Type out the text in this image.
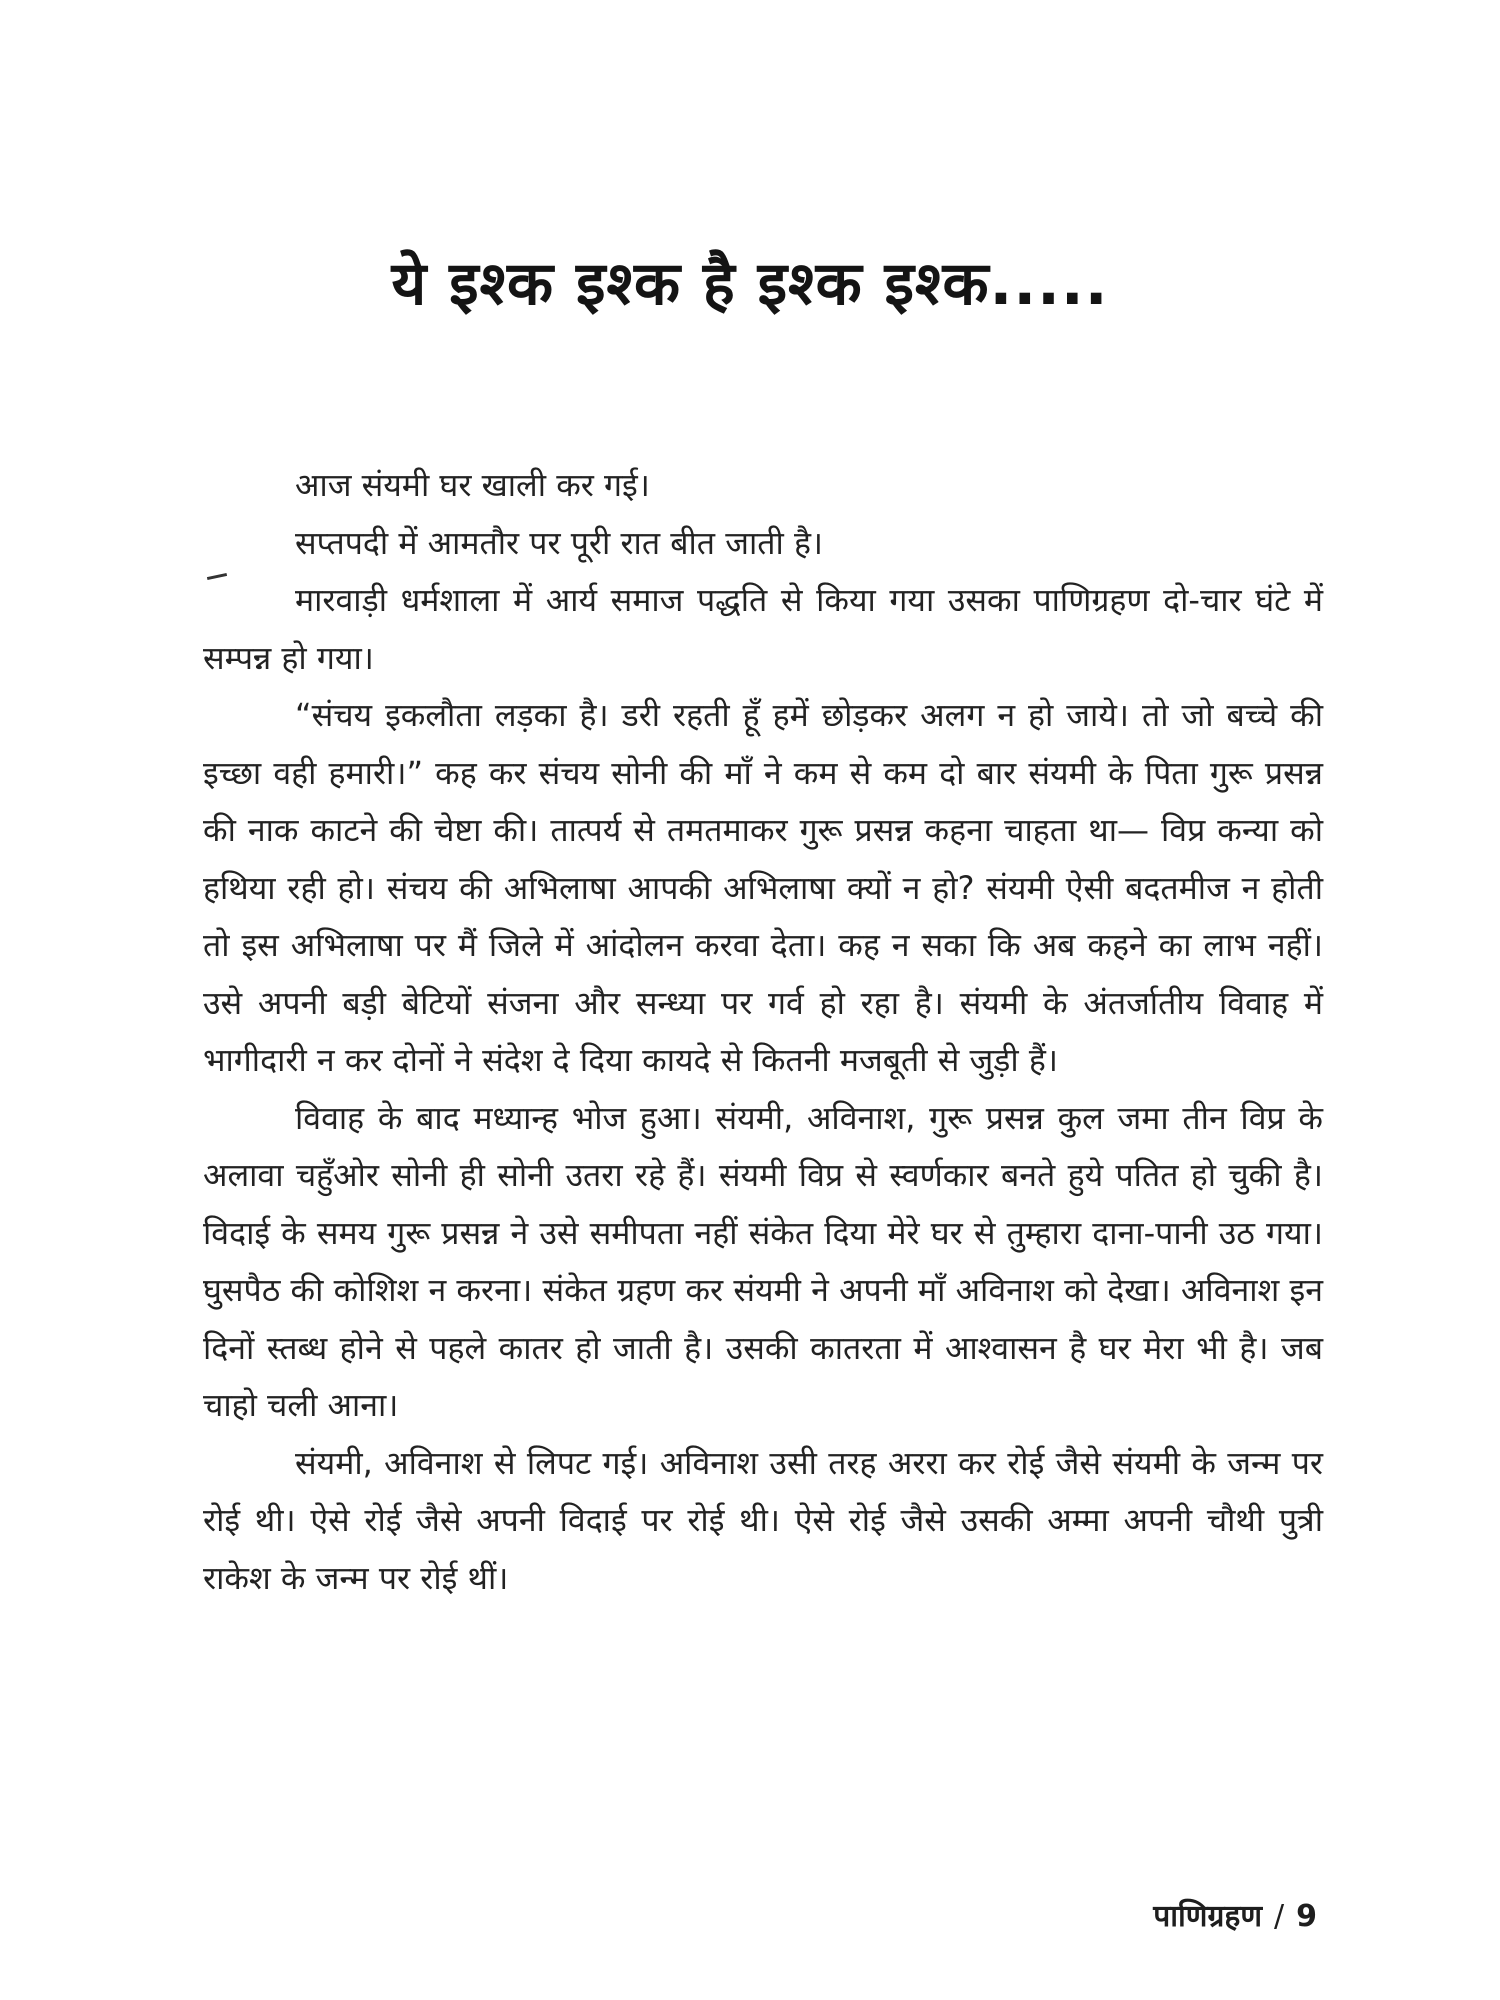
ये इश्क इश्क है इश्क इश्क.....

आज संयमी घर खाली कर गई।

सप्तपदी में आमतौर पर पूरी रात बीत जाती है।

मारवाड़ी धर्मशाला में आर्य समाज पद्धति से किया गया उसका पाणिग्रहण दो-चार घंटे में सम्पन्न हो गया।

“संचय इकलौता लड़का है। डरी रहती हूँ हमें छोड़कर अलग न हो जाये। तो जो बच्चे की इच्छा वही हमारी।” कह कर संचय सोनी की माँ ने कम से कम दो बार संयमी के पिता गुरू प्रसन्न की नाक काटने की चेष्टा की। तात्पर्य से तमतमाकर गुरू प्रसन्न कहना चाहता था— विप्र कन्या को हथिया रही हो। संचय की अभिलाषा आपकी अभिलाषा क्यों न हो? संयमी ऐसी बदतमीज न होती तो इस अभिलाषा पर मैं जिले में आंदोलन करवा देता। कह न सका कि अब कहने का लाभ नहीं। उसे अपनी बड़ी बेटियों संजना और सन्ध्या पर गर्व हो रहा है। संयमी के अंतर्जातीय विवाह में भागीदारी न कर दोनों ने संदेश दे दिया कायदे से कितनी मजबूती से जुड़ी हैं।

विवाह के बाद मध्यान्ह भोज हुआ। संयमी, अविनाश, गुरू प्रसन्न कुल जमा तीन विप्र के अलावा चहुँओर सोनी ही सोनी उतरा रहे हैं। संयमी विप्र से स्वर्णकार बनते हुये पतित हो चुकी है। विदाई के समय गुरू प्रसन्न ने उसे समीपता नहीं संकेत दिया मेरे घर से तुम्हारा दाना-पानी उठ गया। घुसपैठ की कोशिश न करना। संकेत ग्रहण कर संयमी ने अपनी माँ अविनाश को देखा। अविनाश इन दिनों स्तब्ध होने से पहले कातर हो जाती है। उसकी कातरता में आश्वासन है घर मेरा भी है। जब चाहो चली आना।

संयमी, अविनाश से लिपट गई। अविनाश उसी तरह अररा कर रोई जैसे संयमी के जन्म पर रोई थी। ऐसे रोई जैसे अपनी विदाई पर रोई थी। ऐसे रोई जैसे उसकी अम्मा अपनी चौथी पुत्री राकेश के जन्म पर रोई थीं।

पाणिग्रहण / 9
